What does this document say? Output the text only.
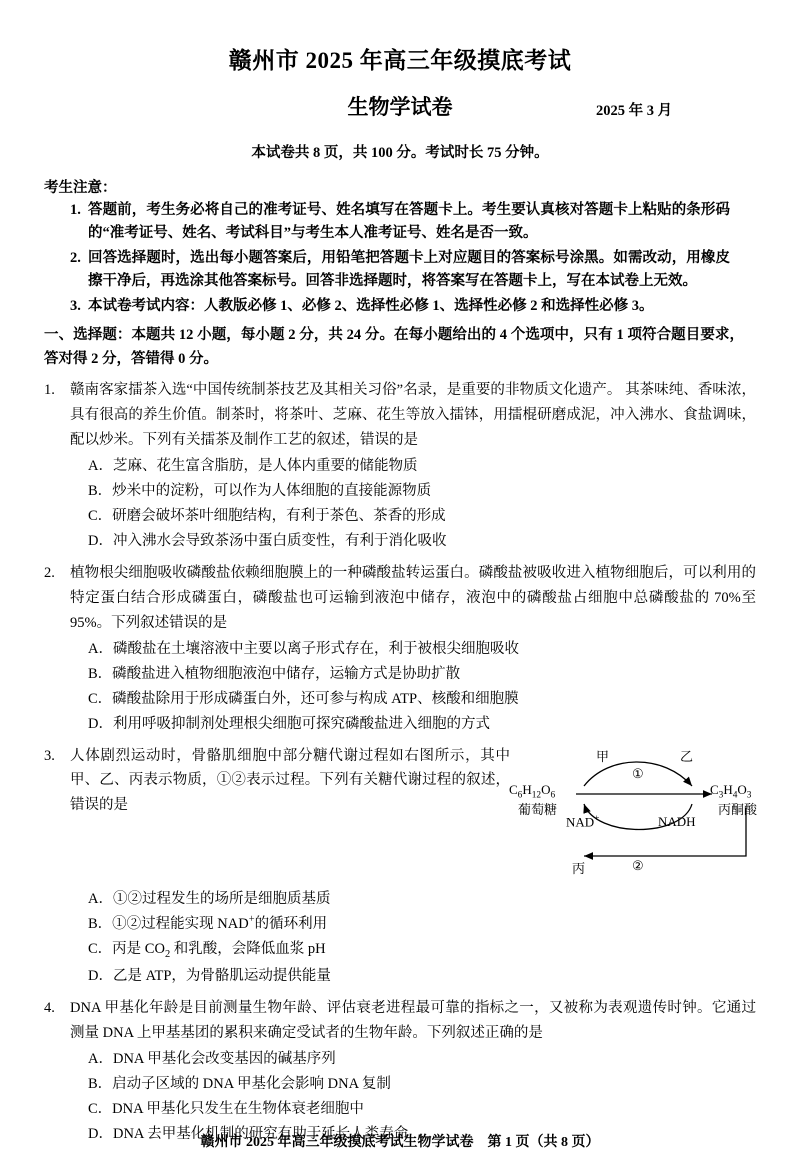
赣州市 2025 年高三年级摸底考试
生物学试卷	2025 年 3 月
本试卷共 8 页，共 100 分。考试时长 75 分钟。
考生注意：
1. 答题前，考生务必将自己的准考证号、姓名填写在答题卡上。考生要认真核对答题卡上粘贴的条形码的“准考证号、姓名、考试科目”与考生本人准考证号、姓名是否一致。
2. 回答选择题时，选出每小题答案后，用铅笔把答题卡上对应题目的答案标号涂黑。如需改动，用橡皮擦干净后，再选涂其他答案标号。回答非选择题时，将答案写在答题卡上，写在本试卷上无效。
3. 本试卷考试内容：人教版必修 1、必修 2、选择性必修 1、选择性必修 2 和选择性必修 3。
一、选择题：本题共 12 小题，每小题 2 分，共 24 分。在每小题给出的 4 个选项中，只有 1 项符合题目要求，答对得 2 分，答错得 0 分。
1.	赣南客家擂茶入选“中国传统制茶技艺及其相关习俗”名录，是重要的非物质文化遗产。 其茶味纯、香味浓，具有很高的养生价值。制茶时，将茶叶、芝麻、花生等放入擂钵，用擂棍研磨成泥，冲入沸水、食盐调味，配以炒米。下列有关擂茶及制作工艺的叙述，错误的是
A．芝麻、花生富含脂肪，是人体内重要的储能物质
B．炒米中的淀粉，可以作为人体细胞的直接能源物质
C．研磨会破坏茶叶细胞结构，有利于茶色、茶香的形成
D．冲入沸水会导致茶汤中蛋白质变性，有利于消化吸收
2.	植物根尖细胞吸收磷酸盐依赖细胞膜上的一种磷酸盐转运蛋白。磷酸盐被吸收进入植物细胞后，可以利用的特定蛋白结合形成磷蛋白，磷酸盐也可运输到液泡中储存，液泡中的磷酸盐占细胞中总磷酸盐的 70%至 95%。下列叙述错误的是
A．磷酸盐在土壤溶液中主要以离子形式存在，利于被根尖细胞吸收
B．磷酸盐进入植物细胞液泡中储存，运输方式是协助扩散
C．磷酸盐除用于形成磷蛋白外，还可参与构成 ATP、核酸和细胞膜
D．利用呼吸抑制剂处理根尖细胞可探究磷酸盐进入细胞的方式
3.	人体剧烈运动时，骨骼肌细胞中部分糖代谢过程如右图所示，其中甲、乙、丙表示物质，①②表示过程。下列有关糖代谢过程的叙述，错误的是
甲	乙
丙
$C_6H_{12}O_6$
葡萄糖
$C_3H_4O_3$
丙酮酸
NAD+	NADH
①
②
A．①②过程发生的场所是细胞质基质
B．①②过程能实现 NAD+的循环利用
C．丙是 $CO_2$ 和乳酸，会降低血浆 pH
D．乙是 ATP，为骨骼肌运动提供能量
4.	DNA 甲基化年龄是目前测量生物年龄、评估衰老进程最可靠的指标之一，又被称为表观遗传时钟。它通过测量 DNA 上甲基基团的累积来确定受试者的生物年龄。下列叙述正确的是
A．DNA 甲基化会改变基因的碱基序列
B．启动子区域的 DNA 甲基化会影响 DNA 复制
C．DNA 甲基化只发生在生物体衰老细胞中
D．DNA 去甲基化机制的研究有助于延长人类寿命
赣州市 2025 年高三年级摸底考试生物学试卷　第 1 页（共 8 页）
